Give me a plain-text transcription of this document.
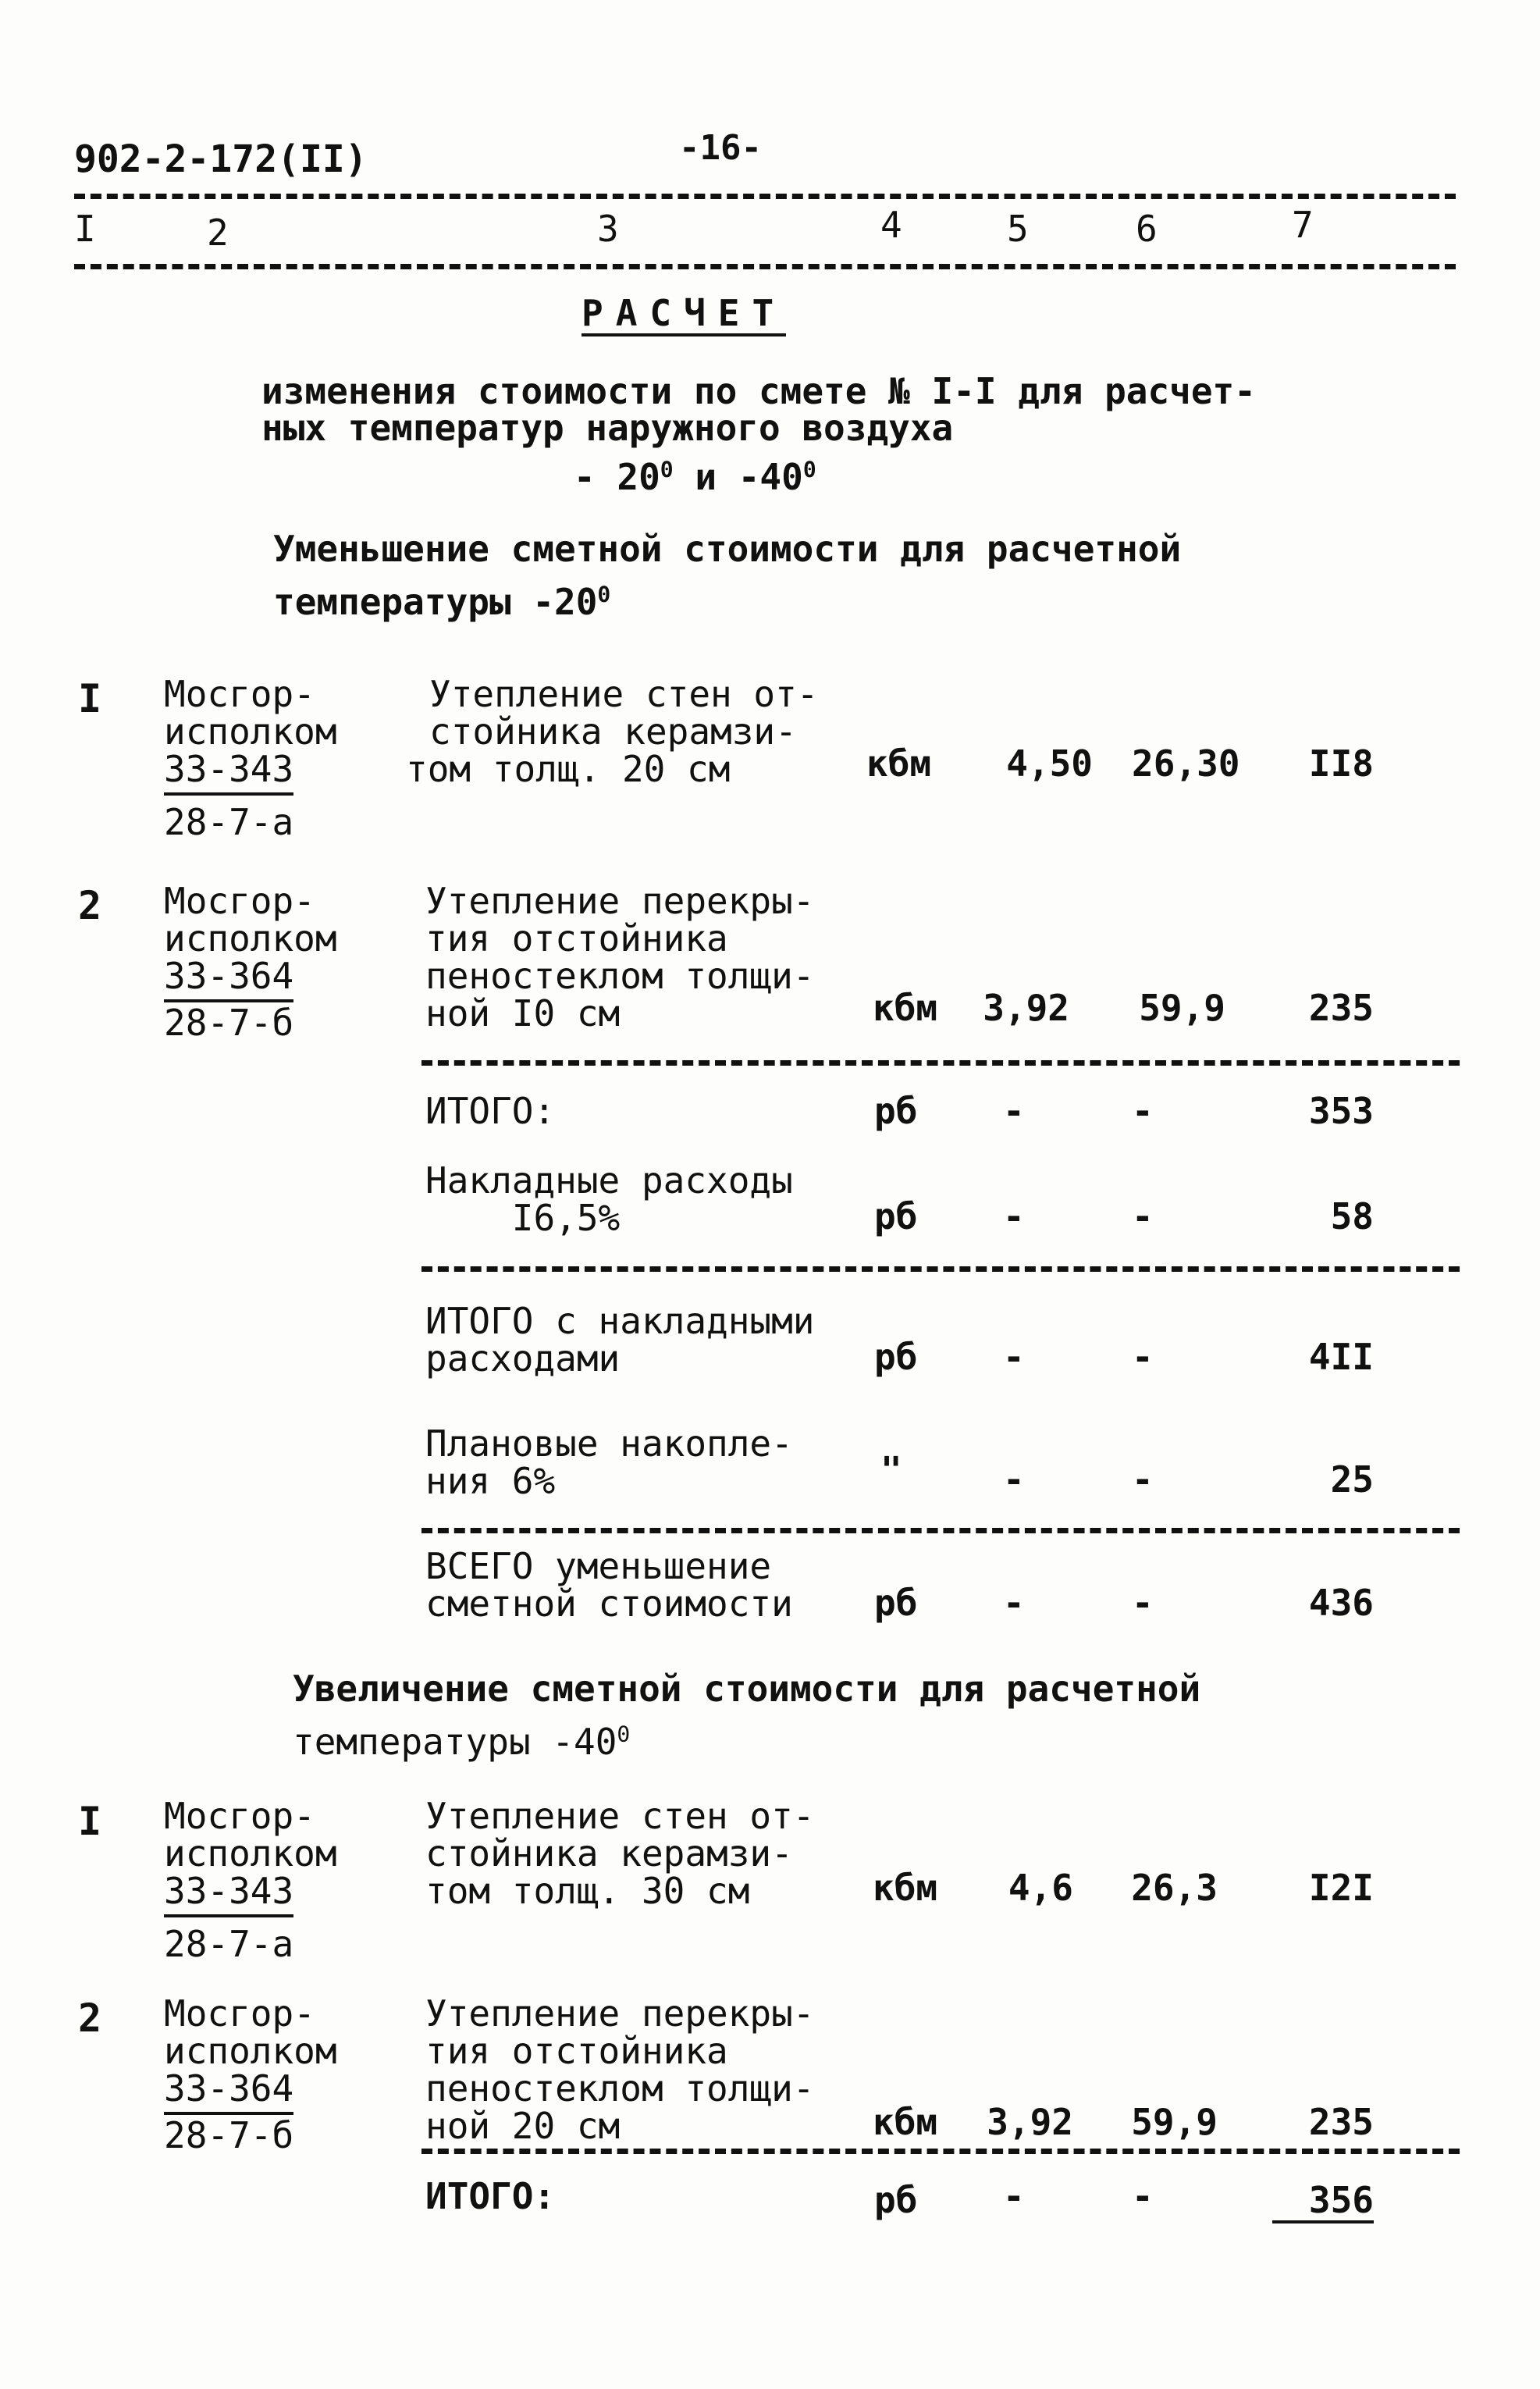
902-2-172(II)	-16-
I	2	3	4	5	6	7
РАСЧЕТ
изменения стоимости по смете № I-I для расчет-
ных температур наружного воздуха
- $20^0$ и $-40^0$
Уменьшение сметной стоимости для расчетной
температуры $-20^0$
I Мосгор-
исполком
33-343
28-7-а
Утепление стен от-
стойника керамзи-
том толщ. 20 см	кбм	4,50 26,30	II8
2 Мосгор-
исполком
33-364
28-7-б
Утепление перекры-
тия отстойника
пеностеклом толщи-
ной I0 см	кбм	3,92	59,9	235
ИТОГО:	рб -	-	353
Накладные расходы
I6,5%	рб -	-	58
ИТОГО с накладными
расходами	рб -	-	4II
Плановые накопле-
ния 6%	"	-	-	25
ВСЕГО уменьшение
сметной стоимости рб -	-	436
Увеличение сметной стоимости для расчетной
температуры $-40^0$
I Мосгор-
исполком
33-343
28-7-а
Утепление стен от-
стойника керамзи-
том толщ. 30 см	кбм	4,6	26,3	I2I
2 Мосгор-
исполком
33-364
28-7-б
Утепление перекры-
тия отстойника
пеностеклом толщи-
ной 20 см	кбм	3,92	59,9	235
ИТОГО:	рб -	-	356
